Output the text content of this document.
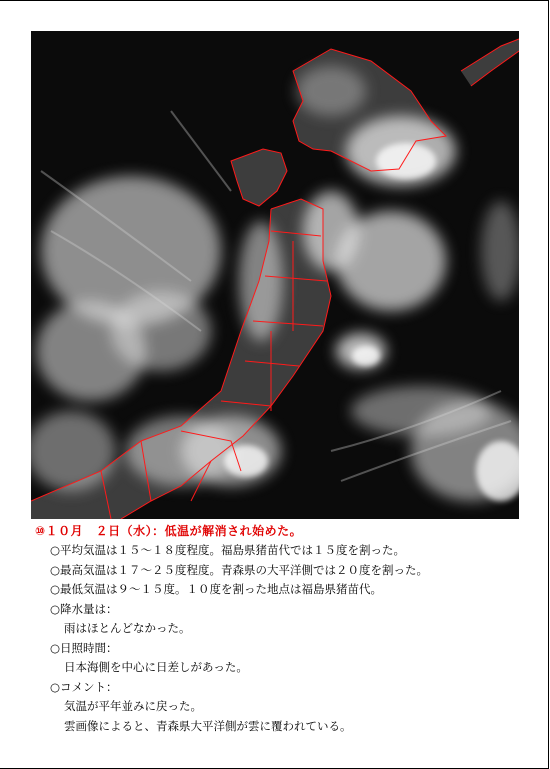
⑩１０月　２日（水）：低温が解消され始めた。
○平均気温は１５～１８度程度。福島県猪苗代では１５度を割った。
○最高気温は１７～２５度程度。青森県の大平洋側では２０度を割った。
○最低気温は９～１５度。１０度を割った地点は福島県猪苗代。
○降水量は：
雨はほとんどなかった。
○日照時間：
日本海側を中心に日差しがあった。
○コメント：
気温が平年並みに戻った。
雲画像によると、青森県大平洋側が雲に覆われている。
